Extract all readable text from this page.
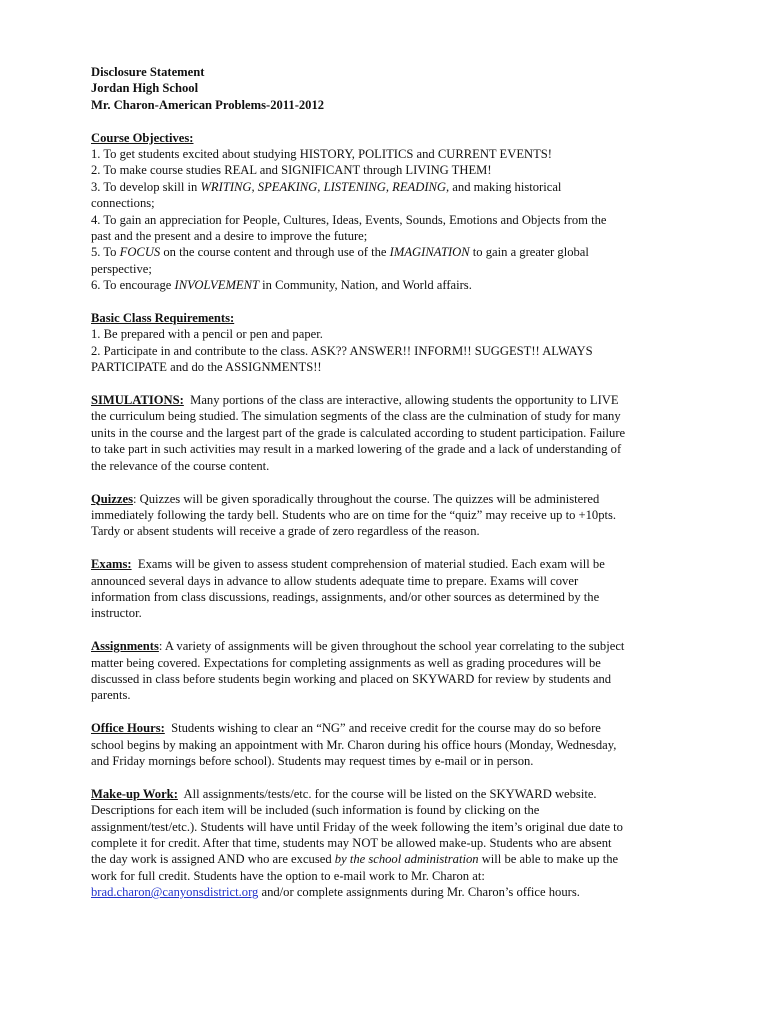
Disclosure Statement
Jordan High School
Mr. Charon-American Problems-2011-2012
Course Objectives:
1. To get students excited about studying HISTORY, POLITICS and CURRENT EVENTS!
2. To make course studies REAL and SIGNIFICANT through LIVING THEM!
3. To develop skill in WRITING, SPEAKING, LISTENING, READING, and making historical
connections;
4. To gain an appreciation for People, Cultures, Ideas, Events, Sounds, Emotions and Objects from the
past and the present and a desire to improve the future;
5. To FOCUS on the course content and through use of the IMAGINATION to gain a greater global
perspective;
6. To encourage INVOLVEMENT in Community, Nation, and World affairs.
Basic Class Requirements:
1. Be prepared with a pencil or pen and paper.
2. Participate in and contribute to the class. ASK?? ANSWER!! INFORM!! SUGGEST!! ALWAYS
PARTICIPATE and do the ASSIGNMENTS!!
SIMULATIONS:  Many portions of the class are interactive, allowing students the opportunity to LIVE
the curriculum being studied. The simulation segments of the class are the culmination of study for many
units in the course and the largest part of the grade is calculated according to student participation. Failure
to take part in such activities may result in a marked lowering of the grade and a lack of understanding of
the relevance of the course content.
Quizzes: Quizzes will be given sporadically throughout the course. The quizzes will be administered
immediately following the tardy bell. Students who are on time for the “quiz” may receive up to +10pts.
Tardy or absent students will receive a grade of zero regardless of the reason.
Exams:  Exams will be given to assess student comprehension of material studied. Each exam will be
announced several days in advance to allow students adequate time to prepare. Exams will cover
information from class discussions, readings, assignments, and/or other sources as determined by the
instructor.
Assignments: A variety of assignments will be given throughout the school year correlating to the subject
matter being covered. Expectations for completing assignments as well as grading procedures will be
discussed in class before students begin working and placed on SKYWARD for review by students and
parents.
Office Hours:  Students wishing to clear an “NG” and receive credit for the course may do so before
school begins by making an appointment with Mr. Charon during his office hours (Monday, Wednesday,
and Friday mornings before school). Students may request times by e-mail or in person.
Make-up Work:  All assignments/tests/etc. for the course will be listed on the SKYWARD website.
Descriptions for each item will be included (such information is found by clicking on the
assignment/test/etc.). Students will have until Friday of the week following the item’s original due date to
complete it for credit. After that time, students may NOT be allowed make-up. Students who are absent
the day work is assigned AND who are excused by the school administration will be able to make up the
work for full credit. Students have the option to e-mail work to Mr. Charon at:
brad.charon@canyonsdistrict.org and/or complete assignments during Mr. Charon’s office hours.
